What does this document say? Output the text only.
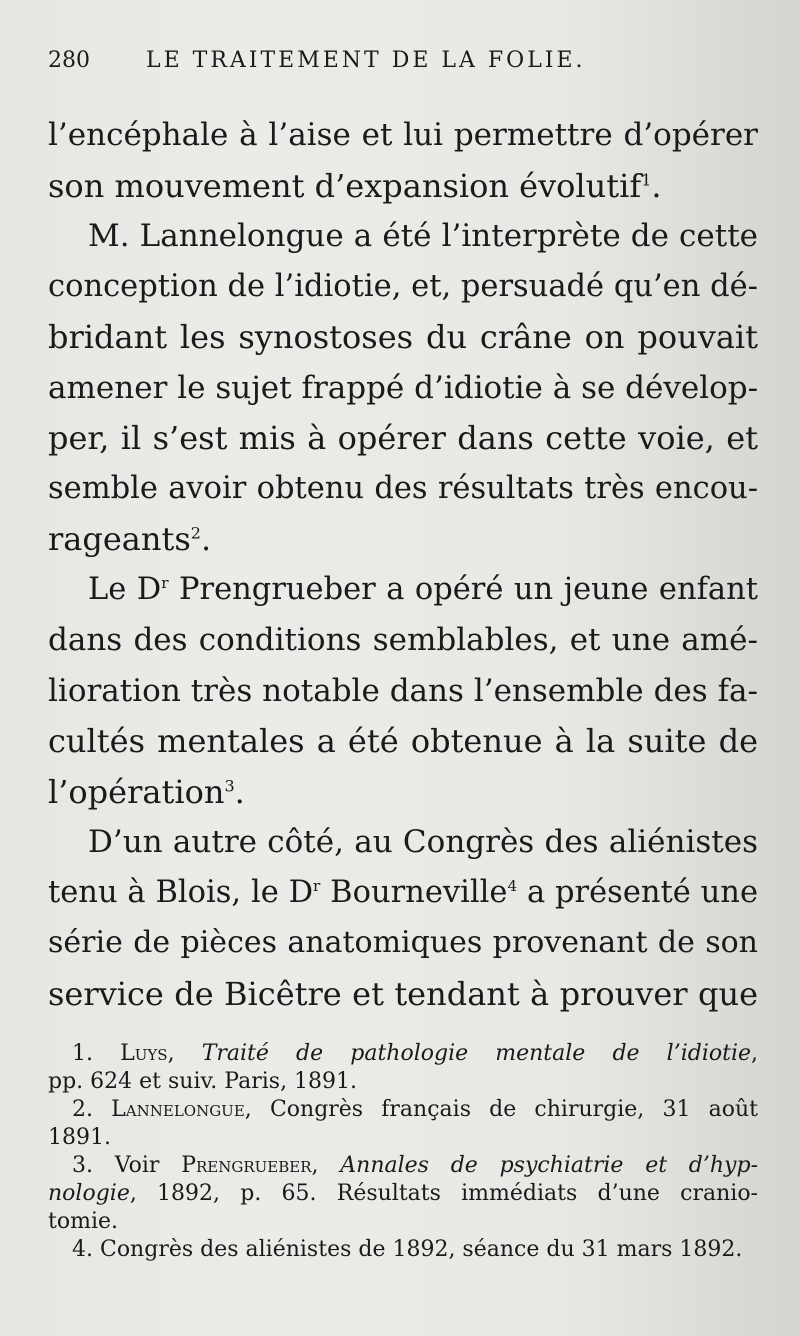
280	LE TRAITEMENT DE LA FOLIE.
l’encéphale à l’aise et lui permettre d’opérer
son mouvement d’expansion évolutif$^1$.
M. Lannelongue a été l’interprète de cette
conception de l’idiotie, et, persuadé qu’en dé-
bridant les synostoses du crâne on pouvait
amener le sujet frappé d’idiotie à se dévelop-
per, il s’est mis à opérer dans cette voie, et
semble avoir obtenu des résultats très encou-
rageants$^2$.
Le $D^r$ Prengrueber a opéré un jeune enfant
dans des conditions semblables, et une amé-
lioration très notable dans l’ensemble des fa-
cultés mentales a été obtenue à la suite de
l’opération$^3$.
D’un autre côté, au Congrès des aliénistes
tenu à Blois, le $D^r$ Bourneville$^4$ a présenté une
série de pièces anatomiques provenant de son
service de Bicêtre et tendant à prouver que
1. Luys, Traité de pathologie mentale de l’idiotie,
pp. 624 et suiv. Paris, 1891.
2. Lannelongue, Congrès français de chirurgie, 31 août
1891.
3. Voir Prengrueber, Annales de psychiatrie et d’hyp-
nologie, 1892, p. 65. Résultats immédiats d’une cranio-
tomie.
4. Congrès des aliénistes de 1892, séance du 31 mars 1892.
